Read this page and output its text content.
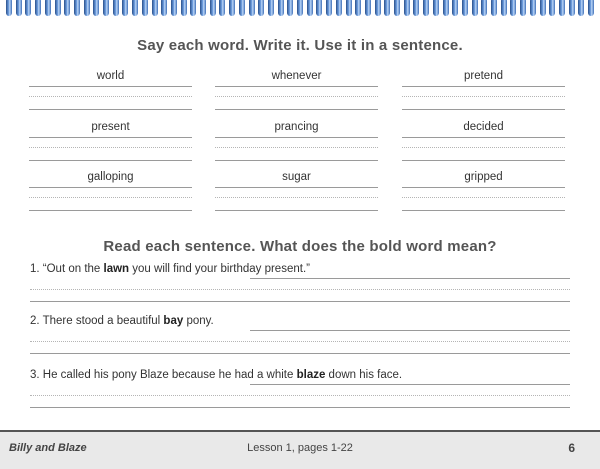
Say each word. Write it. Use it in a sentence.
world	whenever	pretend
present	prancing	decided
galloping	sugar	gripped
Read each sentence. What does the bold word mean?
1. “Out on the lawn you will find your birthday present.”
2. There stood a beautiful bay pony.
3. He called his pony Blaze because he had a white blaze down his face.
Billy and Blaze	Lesson 1, pages 1-22	6
